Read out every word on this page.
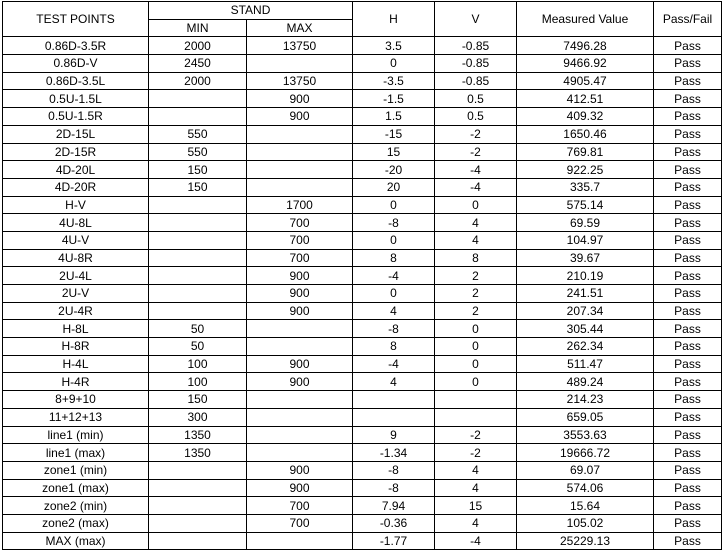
TEST POINTS	STAND		H	V	Measured Value	Pass/Fail
	MIN	MAX				
0.86D-3.5R	2000	13750	3.5	-0.85	7496.28	Pass
0.86D-V	2450		0	-0.85	9466.92	Pass
0.86D-3.5L	2000	13750	-3.5	-0.85	4905.47	Pass
0.5U-1.5L		900	-1.5	0.5	412.51	Pass
0.5U-1.5R		900	1.5	0.5	409.32	Pass
2D-15L	550		-15	-2	1650.46	Pass
2D-15R	550		15	-2	769.81	Pass
4D-20L	150		-20	-4	922.25	Pass
4D-20R	150		20	-4	335.7	Pass
H-V		1700	0	0	575.14	Pass
4U-8L		700	-8	4	69.59	Pass
4U-V		700	0	4	104.97	Pass
4U-8R		700	8	8	39.67	Pass
2U-4L		900	-4	2	210.19	Pass
2U-V		900	0	2	241.51	Pass
2U-4R		900	4	2	207.34	Pass
H-8L	50		-8	0	305.44	Pass
H-8R	50		8	0	262.34	Pass
H-4L	100	900	-4	0	511.47	Pass
H-4R	100	900	4	0	489.24	Pass
8+9+10	150				214.23	Pass
11+12+13	300				659.05	Pass
line1 (min)	1350		9	-2	3553.63	Pass
line1 (max)	1350		-1.34	-2	19666.72	Pass
zone1 (min)		900	-8	4	69.07	Pass
zone1 (max)		900	-8	4	574.06	Pass
zone2 (min)		700	7.94	15	15.64	Pass
zone2 (max)		700	-0.36	4	105.02	Pass
MAX (max)			-1.77	-4	25229.13	Pass
